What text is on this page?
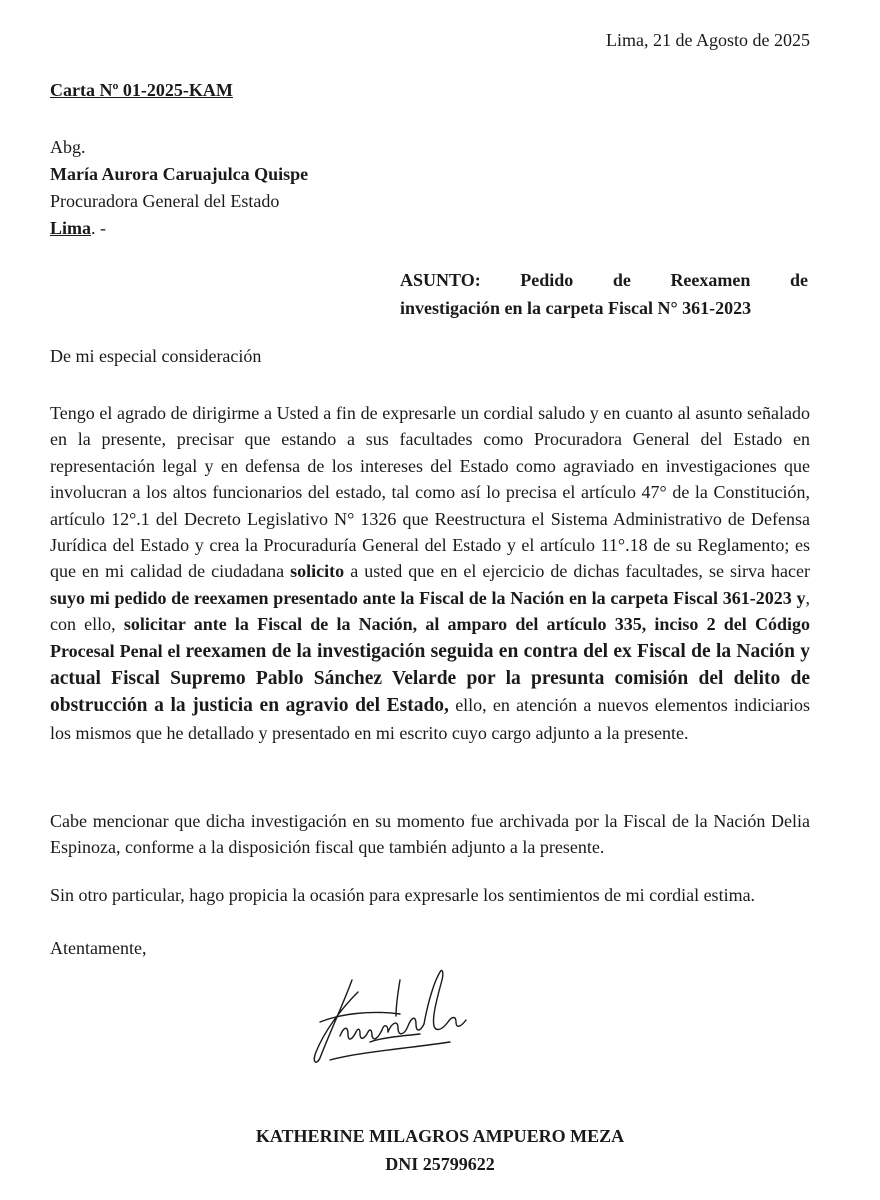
Lima, 21 de Agosto de 2025
Carta Nº 01-2025-KAM
Abg.
María Aurora Caruajulca Quispe
Procuradora General del Estado
Lima. -
ASUNTO: Pedido de Reexamen de
investigación en la carpeta Fiscal N° 361-2023
De mi especial consideración
Tengo el agrado de dirigirme a Usted a fin de expresarle un cordial saludo y en cuanto al asunto señalado en la presente, precisar que estando a sus facultades como Procuradora General del Estado en representación legal y en defensa de los intereses del Estado como agraviado en investigaciones que involucran a los altos funcionarios del estado, tal como así lo precisa el artículo 47° de la Constitución, artículo 12°.1 del Decreto Legislativo N° 1326 que Reestructura el Sistema Administrativo de Defensa Jurídica del Estado y crea la Procuraduría General del Estado y el artículo 11°.18 de su Reglamento; es que en mi calidad de ciudadana solicito a usted que en el ejercicio de dichas facultades, se sirva hacer suyo mi pedido de reexamen presentado ante la Fiscal de la Nación en la carpeta Fiscal 361-2023 y, con ello, solicitar ante la Fiscal de la Nación, al amparo del artículo 335, inciso 2 del Código Procesal Penal el reexamen de la investigación seguida en contra del ex Fiscal de la Nación y actual Fiscal Supremo Pablo Sánchez Velarde por la presunta comisión del delito de obstrucción a la justicia en agravio del Estado, ello, en atención a nuevos elementos indiciarios los mismos que he detallado y presentado en mi escrito cuyo cargo adjunto a la presente.
Cabe mencionar que dicha investigación en su momento fue archivada por la Fiscal de la Nación Delia Espinoza, conforme a la disposición fiscal que también adjunto a la presente.
Sin otro particular, hago propicia la ocasión para expresarle los sentimientos de mi cordial estima.
Atentamente,
KATHERINE MILAGROS AMPUERO MEZA
DNI 25799622
